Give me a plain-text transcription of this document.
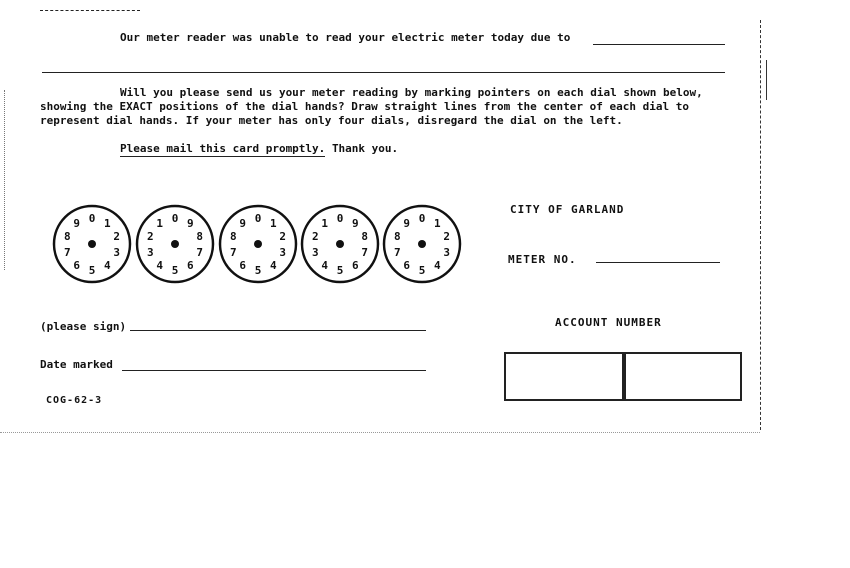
Our meter reader was unable to read your electric meter today due to
Will you please send us your meter reading by marking pointers on each dial shown below,
showing the EXACT positions of the dial hands? Draw straight lines from the center of each dial to
represent dial hands. If your meter has only four dials, disregard the dial on the left.
Please mail this card promptly. Thank you.
0 1
2
3
4
5
6
7
8
9	0
1
2
3
4 5 6
7
8
9	0 1
2
3
4
5
6
7
8
9	0
1
2
3
4 5 6
7
8
9	0 1
2
3
4
5
6
7
8
9
CITY OF GARLAND
METER NO.
ACCOUNT NUMBER
(please sign)
Date marked
COG-62-3
